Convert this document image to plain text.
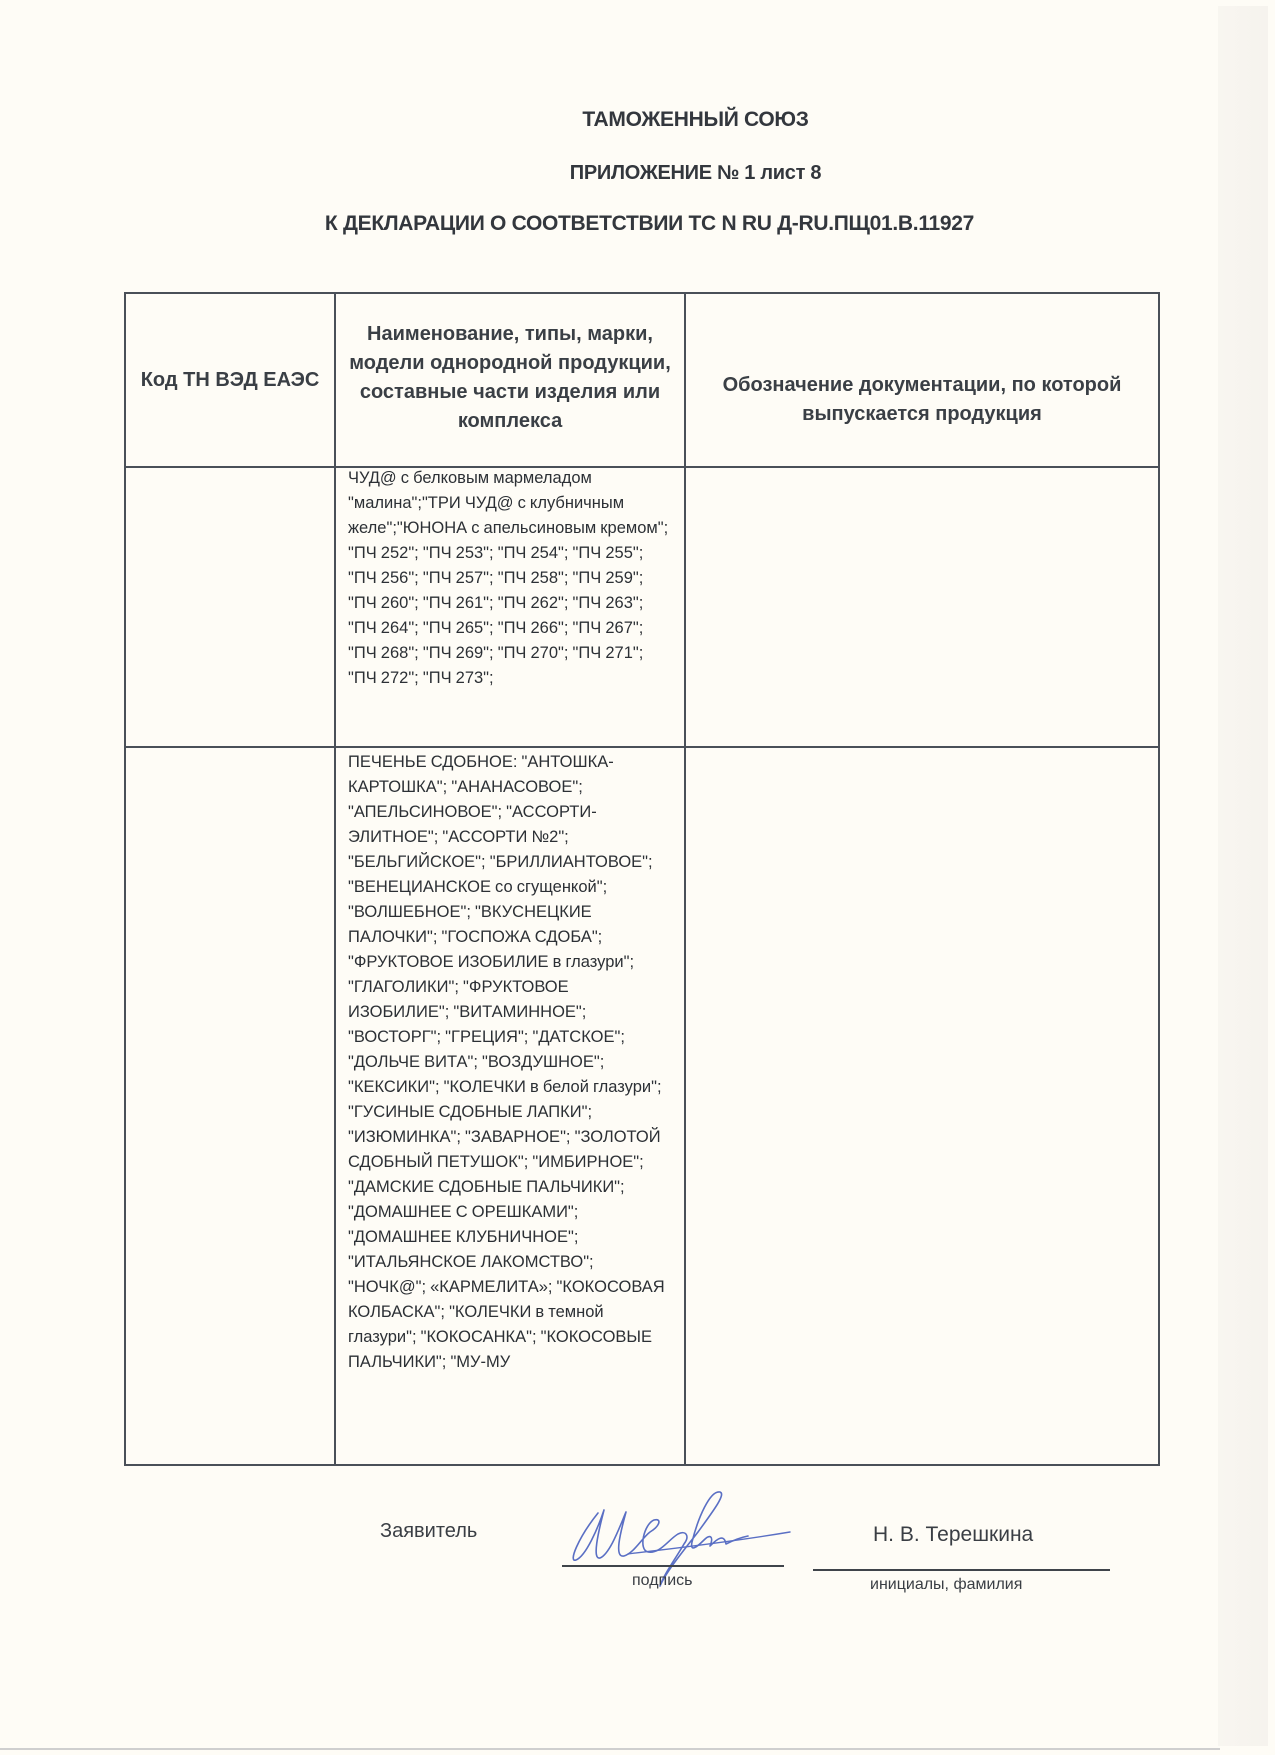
ТАМОЖЕННЫЙ СОЮЗ
ПРИЛОЖЕНИЕ № 1 лист 8
К ДЕКЛАРАЦИИ О СООТВЕТСТВИИ ТС N RU Д-RU.ПЩ01.В.11927
Код ТН ВЭД ЕАЭС	Наименование, типы, марки, модели однородной продукции, составные части изделия или комплекса	Обозначение документации, по которой выпускается продукция

	ЧУД@ с белковым мармеладом "малина";"ТРИ ЧУД@ с клубничным желе";"ЮНОНА с апельсиновым кремом"; "ПЧ 252"; "ПЧ 253"; "ПЧ 254"; "ПЧ 255"; "ПЧ 256"; "ПЧ 257"; "ПЧ 258"; "ПЧ 259"; "ПЧ 260"; "ПЧ 261"; "ПЧ 262"; "ПЧ 263"; "ПЧ 264"; "ПЧ 265"; "ПЧ 266"; "ПЧ 267"; "ПЧ 268"; "ПЧ 269"; "ПЧ 270"; "ПЧ 271"; "ПЧ 272"; "ПЧ 273";	

	ПЕЧЕНЬЕ СДОБНОЕ: "АНТОШКА-КАРТОШКА"; "АНАНАСОВОЕ"; "АПЕЛЬСИНОВОЕ"; "АССОРТИ-ЭЛИТНОЕ"; "АССОРТИ №2"; "БЕЛЬГИЙСКОЕ"; "БРИЛЛИАНТОВОЕ"; "ВЕНЕЦИАНСКОЕ со сгущенкой"; "ВОЛШЕБНОЕ"; "ВКУСНЕЦКИЕ ПАЛОЧКИ"; "ГОСПОЖА СДОБА"; "ФРУКТОВОЕ ИЗОБИЛИЕ в глазури"; "ГЛАГОЛИКИ"; "ФРУКТОВОЕ ИЗОБИЛИЕ"; "ВИТАМИННОЕ"; "ВОСТОРГ"; "ГРЕЦИЯ"; "ДАТСКОЕ"; "ДОЛЬЧЕ ВИТА"; "ВОЗДУШНОЕ"; "КЕКСИКИ"; "КОЛЕЧКИ в белой глазури"; "ГУСИНЫЕ СДОБНЫЕ ЛАПКИ"; "ИЗЮМИНКА"; "ЗАВАРНОЕ"; "ЗОЛОТОЙ СДОБНЫЙ ПЕТУШОК"; "ИМБИРНОЕ"; "ДАМСКИЕ СДОБНЫЕ ПАЛЬЧИКИ"; "ДОМАШНЕЕ С ОРЕШКАМИ"; "ДОМАШНЕЕ КЛУБНИЧНОЕ"; "ИТАЛЬЯНСКОЕ ЛАКОМСТВО"; "НОЧК@"; «КАРМЕЛИТА»; "КОКОСОВАЯ КОЛБАСКА"; "КОЛЕЧКИ в темной глазури"; "КОКОСАНКА"; "КОКОСОВЫЕ ПАЛЬЧИКИ"; "МУ-МУ	

Заявитель
подпись
Н. В. Терешкина
инициалы, фамилия
